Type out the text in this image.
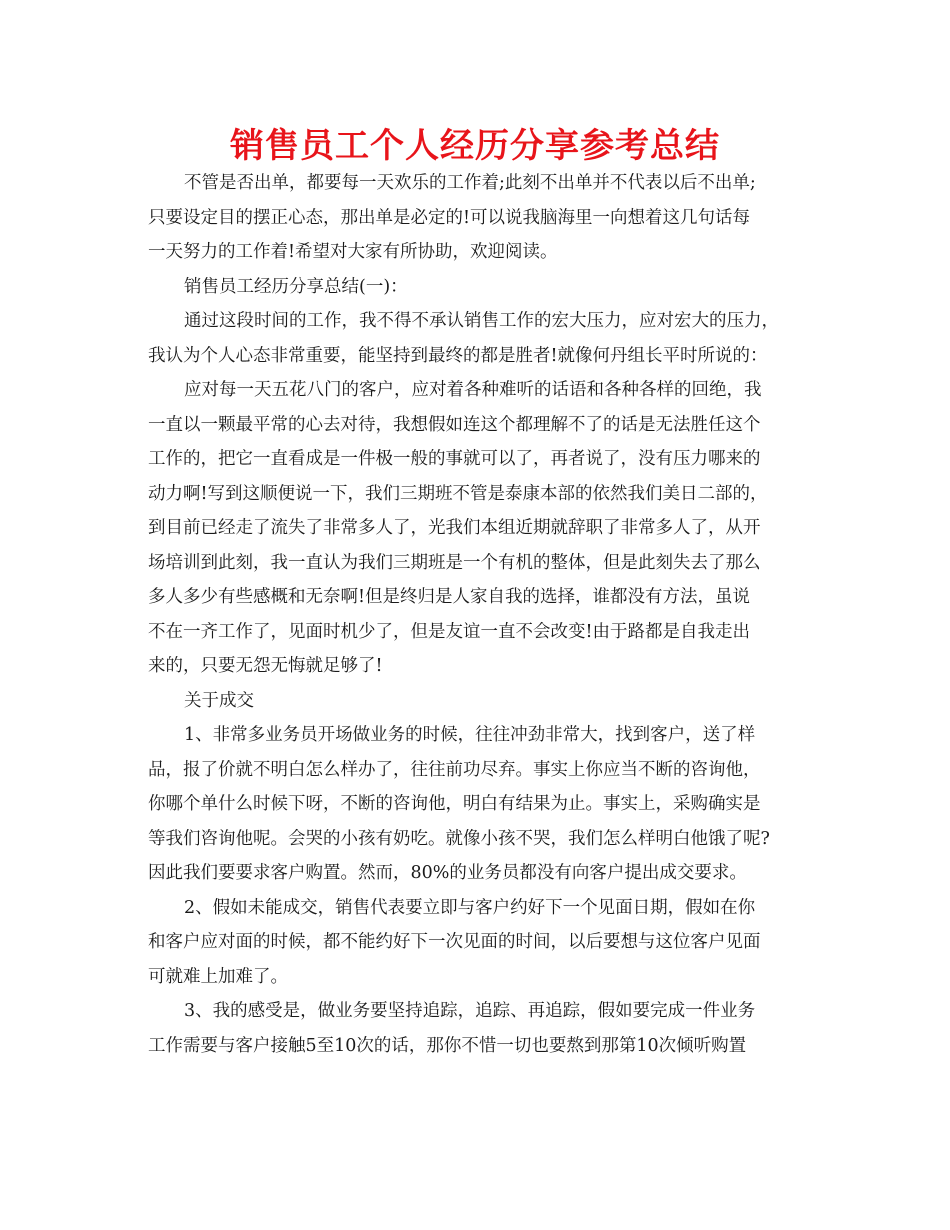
销售员工个人经历分享参考总结
不管是否出单，都要每一天欢乐的工作着;此刻不出单并不代表以后不出单;
只要设定目的摆正心态，那出单是必定的!可以说我脑海里一向想着这几句话每
一天努力的工作着!希望对大家有所协助，欢迎阅读。
销售员工经历分享总结(一)：
通过这段时间的工作，我不得不承认销售工作的宏大压力，应对宏大的压力，
我认为个人心态非常重要，能坚持到最终的都是胜者!就像何丹组长平时所说的：
应对每一天五花八门的客户，应对着各种难听的话语和各种各样的回绝，我
一直以一颗最平常的心去对待，我想假如连这个都理解不了的话是无法胜任这个
工作的，把它一直看成是一件极一般的事就可以了，再者说了，没有压力哪来的
动力啊!写到这顺便说一下，我们三期班不管是泰康本部的依然我们美日二部的，
到目前已经走了流失了非常多人了，光我们本组近期就辞职了非常多人了，从开
场培训到此刻，我一直认为我们三期班是一个有机的整体，但是此刻失去了那么
多人多少有些感概和无奈啊!但是终归是人家自我的选择，谁都没有方法，虽说
不在一齐工作了，见面时机少了，但是友谊一直不会改变!由于路都是自我走出
来的，只要无怨无悔就足够了!
关于成交
1、非常多业务员开场做业务的时候，往往冲劲非常大，找到客户，送了样
品，报了价就不明白怎么样办了，往往前功尽弃。事实上你应当不断的咨询他，
你哪个单什么时候下呀，不断的咨询他，明白有结果为止。事实上，采购确实是
等我们咨询他呢。会哭的小孩有奶吃。就像小孩不哭，我们怎么样明白他饿了呢?
因此我们要要求客户购置。然而，80%的业务员都没有向客户提出成交要求。
2、假如未能成交，销售代表要立即与客户约好下一个见面日期，假如在你
和客户应对面的时候，都不能约好下一次见面的时间，以后要想与这位客户见面
可就难上加难了。
3、我的感受是，做业务要坚持追踪，追踪、再追踪，假如要完成一件业务
工作需要与客户接触5至10次的话，那你不惜一切也要熬到那第10次倾听购置
